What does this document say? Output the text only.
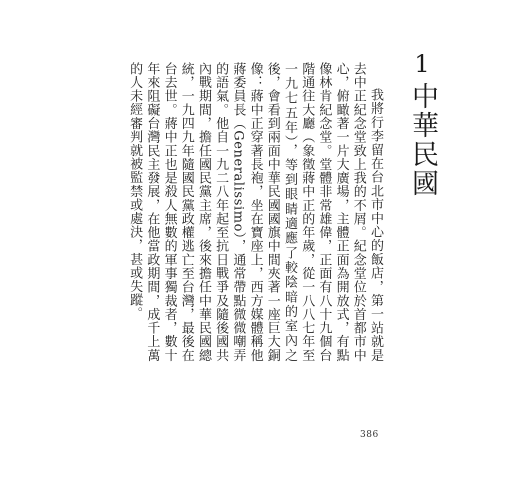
1中華民國

我將行李留在台北市中心的飯店，第一站就是去中正紀念堂致上我的不屑。紀念堂位於首都市中心，俯瞰著一片大廣場，主體正面為開放式，有點像林肯紀念堂。堂體非常雄偉，正面有八十九個台階通往大廳（象徵蔣中正的年歲，從一八八七年至一九七五年），等到眼睛適應了較陰暗的室內之後，會看到兩面中華民國國旗中間夾著一座巨大銅像：蔣中正穿著長袍，坐在寶座上，西方媒體稱他蔣委員長（Generalissimo），通常帶點微微嘲弄的語氣。他自一九二八年起至抗日戰爭及隨後國共內戰期間，擔任國民黨主席，後來擔任中華民國總統，一九四九年隨國民黨政權逃亡至台灣，最後在台去世。蔣中正也是殺人無數的軍事獨裁者，數十年來阻礙台灣民主發展，在他當政期間，成千上萬的人未經審判就被監禁或處決，甚或失蹤。

386
